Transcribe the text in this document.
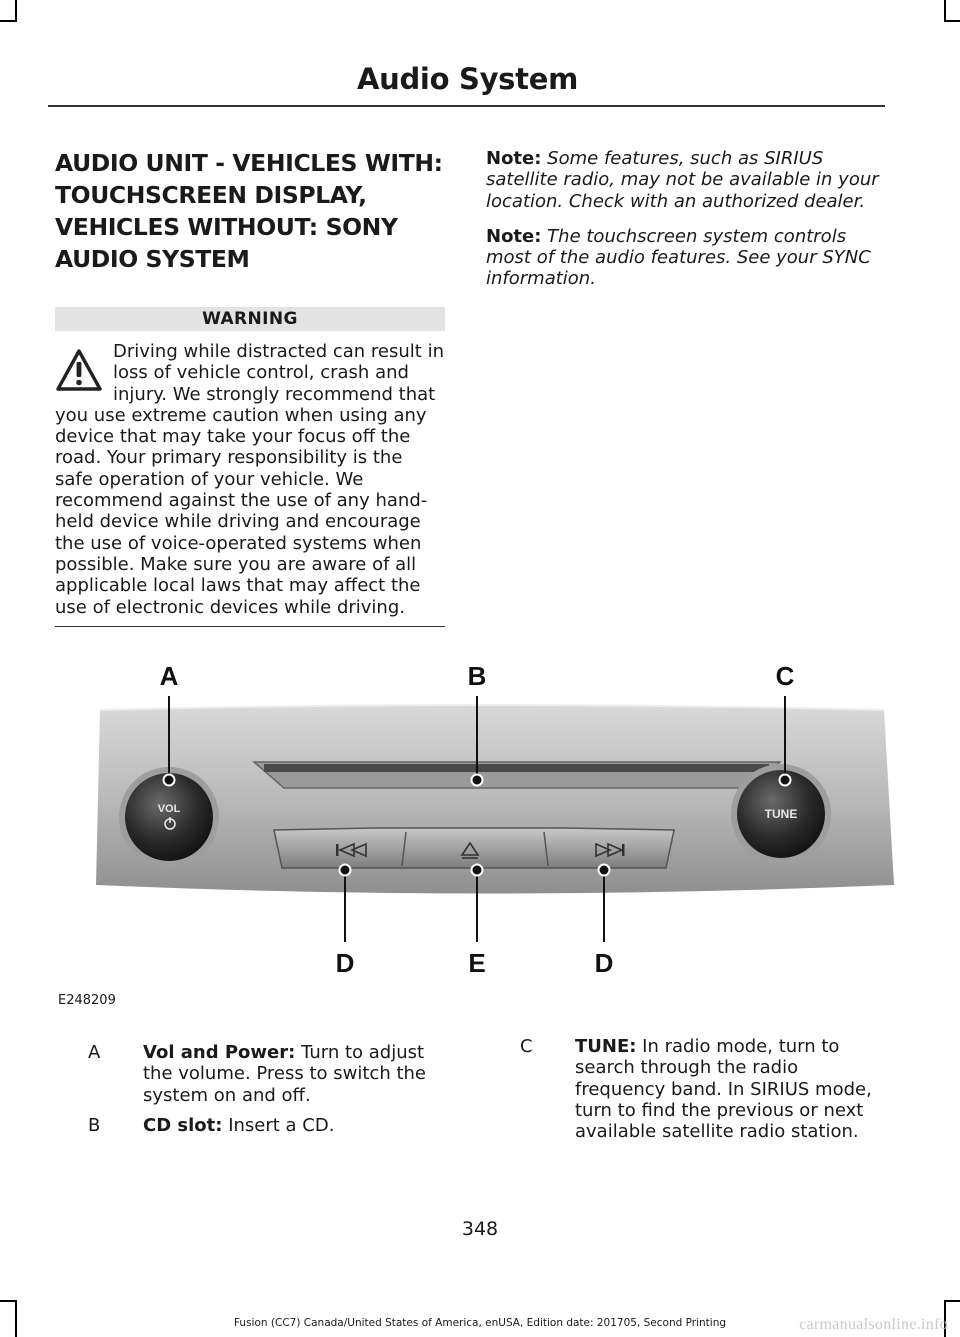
Audio System
AUDIO UNIT - VEHICLES WITH:
TOUCHSCREEN DISPLAY,
VEHICLES WITHOUT: SONY
AUDIO SYSTEM
WARNING
Driving while distracted can result in loss of vehicle control, crash and injury. We strongly recommend that you use extreme caution when using any device that may take your focus off the road. Your primary responsibility is the safe operation of your vehicle. We recommend against the use of any hand-held device while driving and encourage the use of voice-operated systems when possible. Make sure you are aware of all applicable local laws that may affect the use of electronic devices while driving.

Note: Some features, such as SIRIUS satellite radio, may not be available in your location. Check with an authorized dealer.

Note: The touchscreen system controls most of the audio features. See your SYNC information.

VOL	TUNE
A	B	C
D	E	D
E248209
A Vol and Power: Turn to adjust the volume. Press to switch the system on and off.
B CD slot: Insert a CD.
C TUNE: In radio mode, turn to search through the radio frequency band. In SIRIUS mode, turn to find the previous or next available satellite radio station.
348
Fusion (CC7) Canada/United States of America, enUSA, Edition date: 201705, Second Printing	carmanualsonline.info
